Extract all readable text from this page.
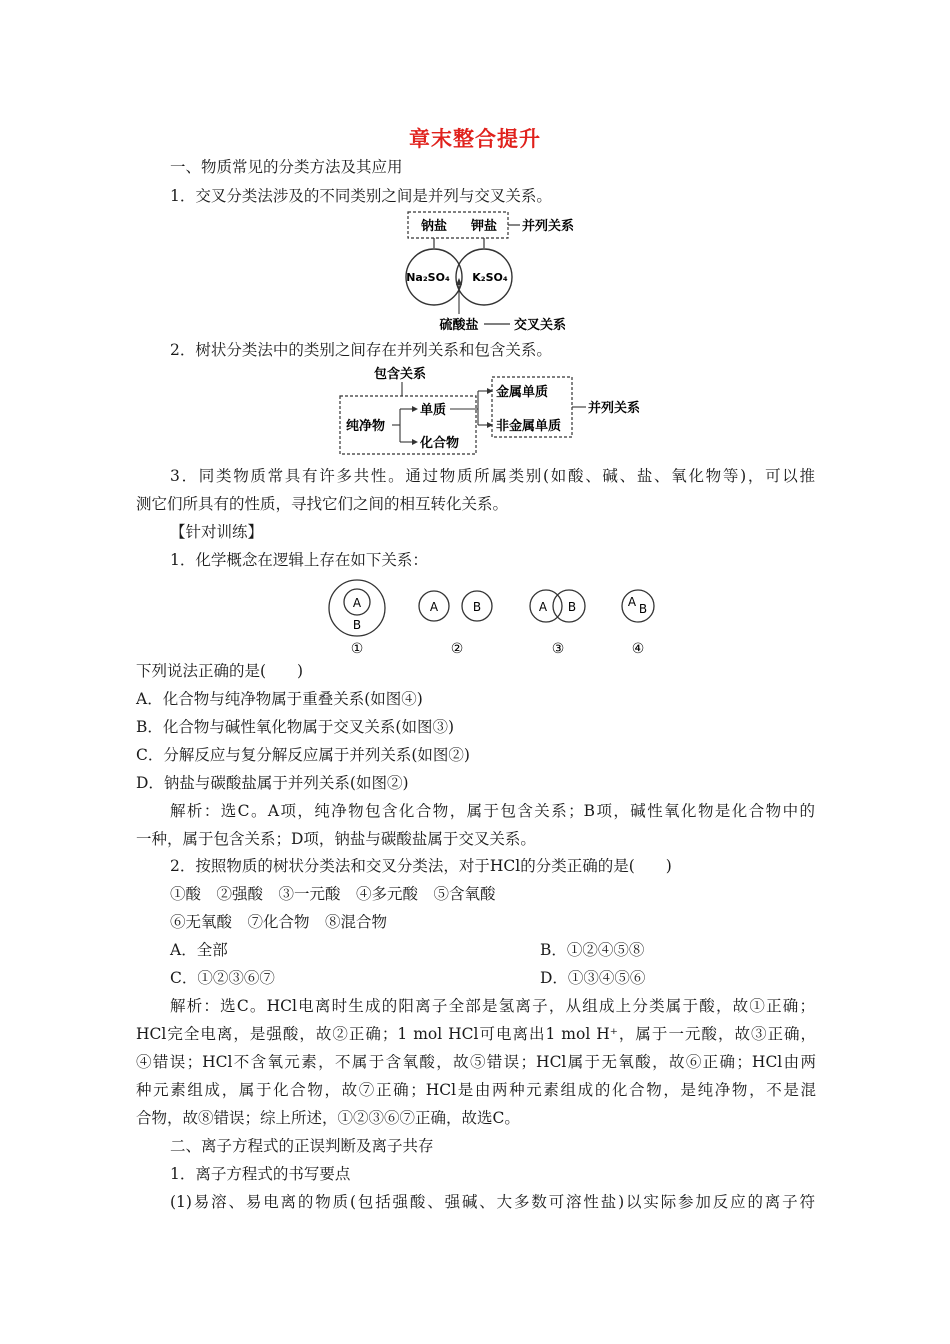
章末整合提升
一、物质常见的分类方法及其应用
1．交叉分类法涉及的不同类别之间是并列与交叉关系。
钠盐 钾盐 并列关系
Na₂SO₄ K₂SO₄
硫酸盐	交叉关系
2．树状分类法中的类别之间存在并列关系和包含关系。
包含关系
纯净物
单质
化合物
金属单质
非金属单质
并列关系
3．同类物质常具有许多共性。通过物质所属类别(如酸、碱、盐、氧化物等)，可以推
测它们所具有的性质，寻找它们之间的相互转化关系。
【针对训练】
1．化学概念在逻辑上存在如下关系：
A
B
①
A	B
②
A B
③
A B
④
下列说法正确的是(　　)
A．化合物与纯净物属于重叠关系(如图④)
B．化合物与碱性氧化物属于交叉关系(如图③)
C．分解反应与复分解反应属于并列关系(如图②)
D．钠盐与碳酸盐属于并列关系(如图②)
解析：选C。A项，纯净物包含化合物，属于包含关系；B项，碱性氧化物是化合物中的
一种，属于包含关系；D项，钠盐与碳酸盐属于交叉关系。
2．按照物质的树状分类法和交叉分类法，对于HCl的分类正确的是(　　)
①酸　②强酸　③一元酸　④多元酸　⑤含氧酸
⑥无氧酸　⑦化合物　⑧混合物
A．全部	B．①②④⑤⑧
C．①②③⑥⑦	D．①③④⑤⑥
解析：选C。HCl电离时生成的阳离子全部是氢离子，从组成上分类属于酸，故①正确；
HCl完全电离，是强酸，故②正确；1 mol HCl可电离出1 mol H⁺，属于一元酸，故③正确，
④错误；HCl不含氧元素，不属于含氧酸，故⑤错误；HCl属于无氧酸，故⑥正确；HCl由两
种元素组成，属于化合物，故⑦正确；HCl是由两种元素组成的化合物，是纯净物，不是混
合物，故⑧错误；综上所述，①②③⑥⑦正确，故选C。
二、离子方程式的正误判断及离子共存
1．离子方程式的书写要点
(1)易溶、易电离的物质(包括强酸、强碱、大多数可溶性盐)以实际参加反应的离子符
